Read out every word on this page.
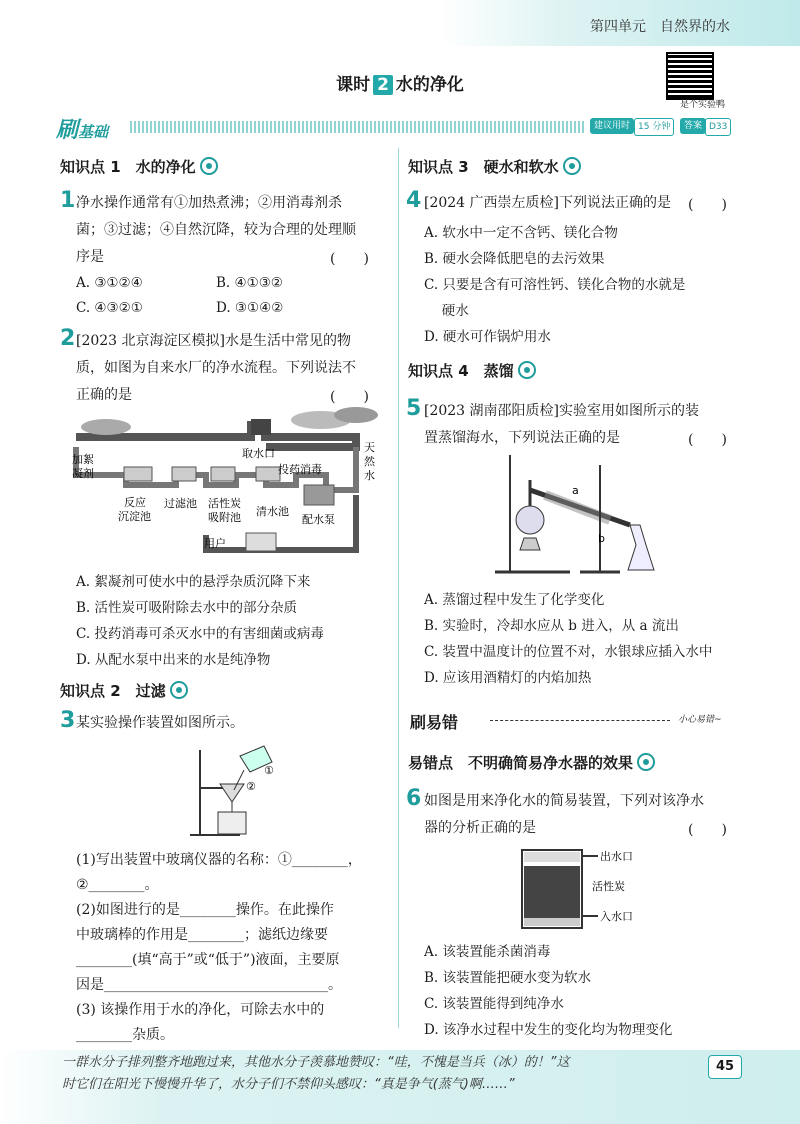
第四单元　自然界的水
课时 2 水的净化
是个实验鸭
刷基础	建议用时 15 分钟	答案 D33
知识点 1　水的净化
1 净水操作通常有①加热煮沸；②用消毒剂杀
菌；③过滤；④自然沉降，较为合理的处理顺
序是	(　　)
A. ③①②④	B. ④①③②
C. ④③②①	D. ③①④②
2 [2023 北京海淀区模拟]水是生活中常见的物
质，如图为自来水厂的净水流程。下列说法不
正确的是	(　　)
加絮
凝剂
反应
沉淀池
过滤池 活性炭
吸附池 清水池
配水泵
取水口
投药消毒
天
然
水
用户
A. 絮凝剂可使水中的悬浮杂质沉降下来
B. 活性炭可吸附除去水中的部分杂质
C. 投药消毒可杀灭水中的有害细菌或病毒
D. 从配水泵中出来的水是纯净物
知识点 2　过滤
3 某实验操作装置如图所示。
①
②
(1)写出装置中玻璃仪器的名称：①________，
②________。
(2)如图进行的是________操作。在此操作
中玻璃棒的作用是________；滤纸边缘要
________(填“高于”或“低于”)液面，主要原
因是________________________________。
(3) 该操作用于水的净化，可除去水中的
________杂质。
知识点 3　硬水和软水
4 [2024 广西崇左质检]下列说法正确的是 (　　)
A. 软水中一定不含钙、镁化合物
B. 硬水会降低肥皂的去污效果
C. 只要是含有可溶性钙、镁化合物的水就是
　 硬水
D. 硬水可作锅炉用水
知识点 4　蒸馏
5 [2023 湖南邵阳质检]实验室用如图所示的装
置蒸馏海水，下列说法正确的是	(　　)
a
b
A. 蒸馏过程中发生了化学变化
B. 实验时，冷却水应从 b 进入，从 a 流出
C. 装置中温度计的位置不对，水银球应插入水中
D. 应该用酒精灯的内焰加热
刷易错	小心易错~
易错点　不明确简易净水器的效果
6 如图是用来净化水的简易装置，下列对该净水
器的分析正确的是	(　　)
出水口
活性炭
入水口
A. 该装置能杀菌消毒
B. 该装置能把硬水变为软水
C. 该装置能得到纯净水
D. 该净水过程中发生的变化均为物理变化
一群水分子排列整齐地跑过来，其他水分子羡慕地赞叹：“哇，不愧是当兵（冰）的！”这
时它们在阳光下慢慢升华了，水分子们不禁仰头感叹：“真是争气(蒸气)啊……”
45
